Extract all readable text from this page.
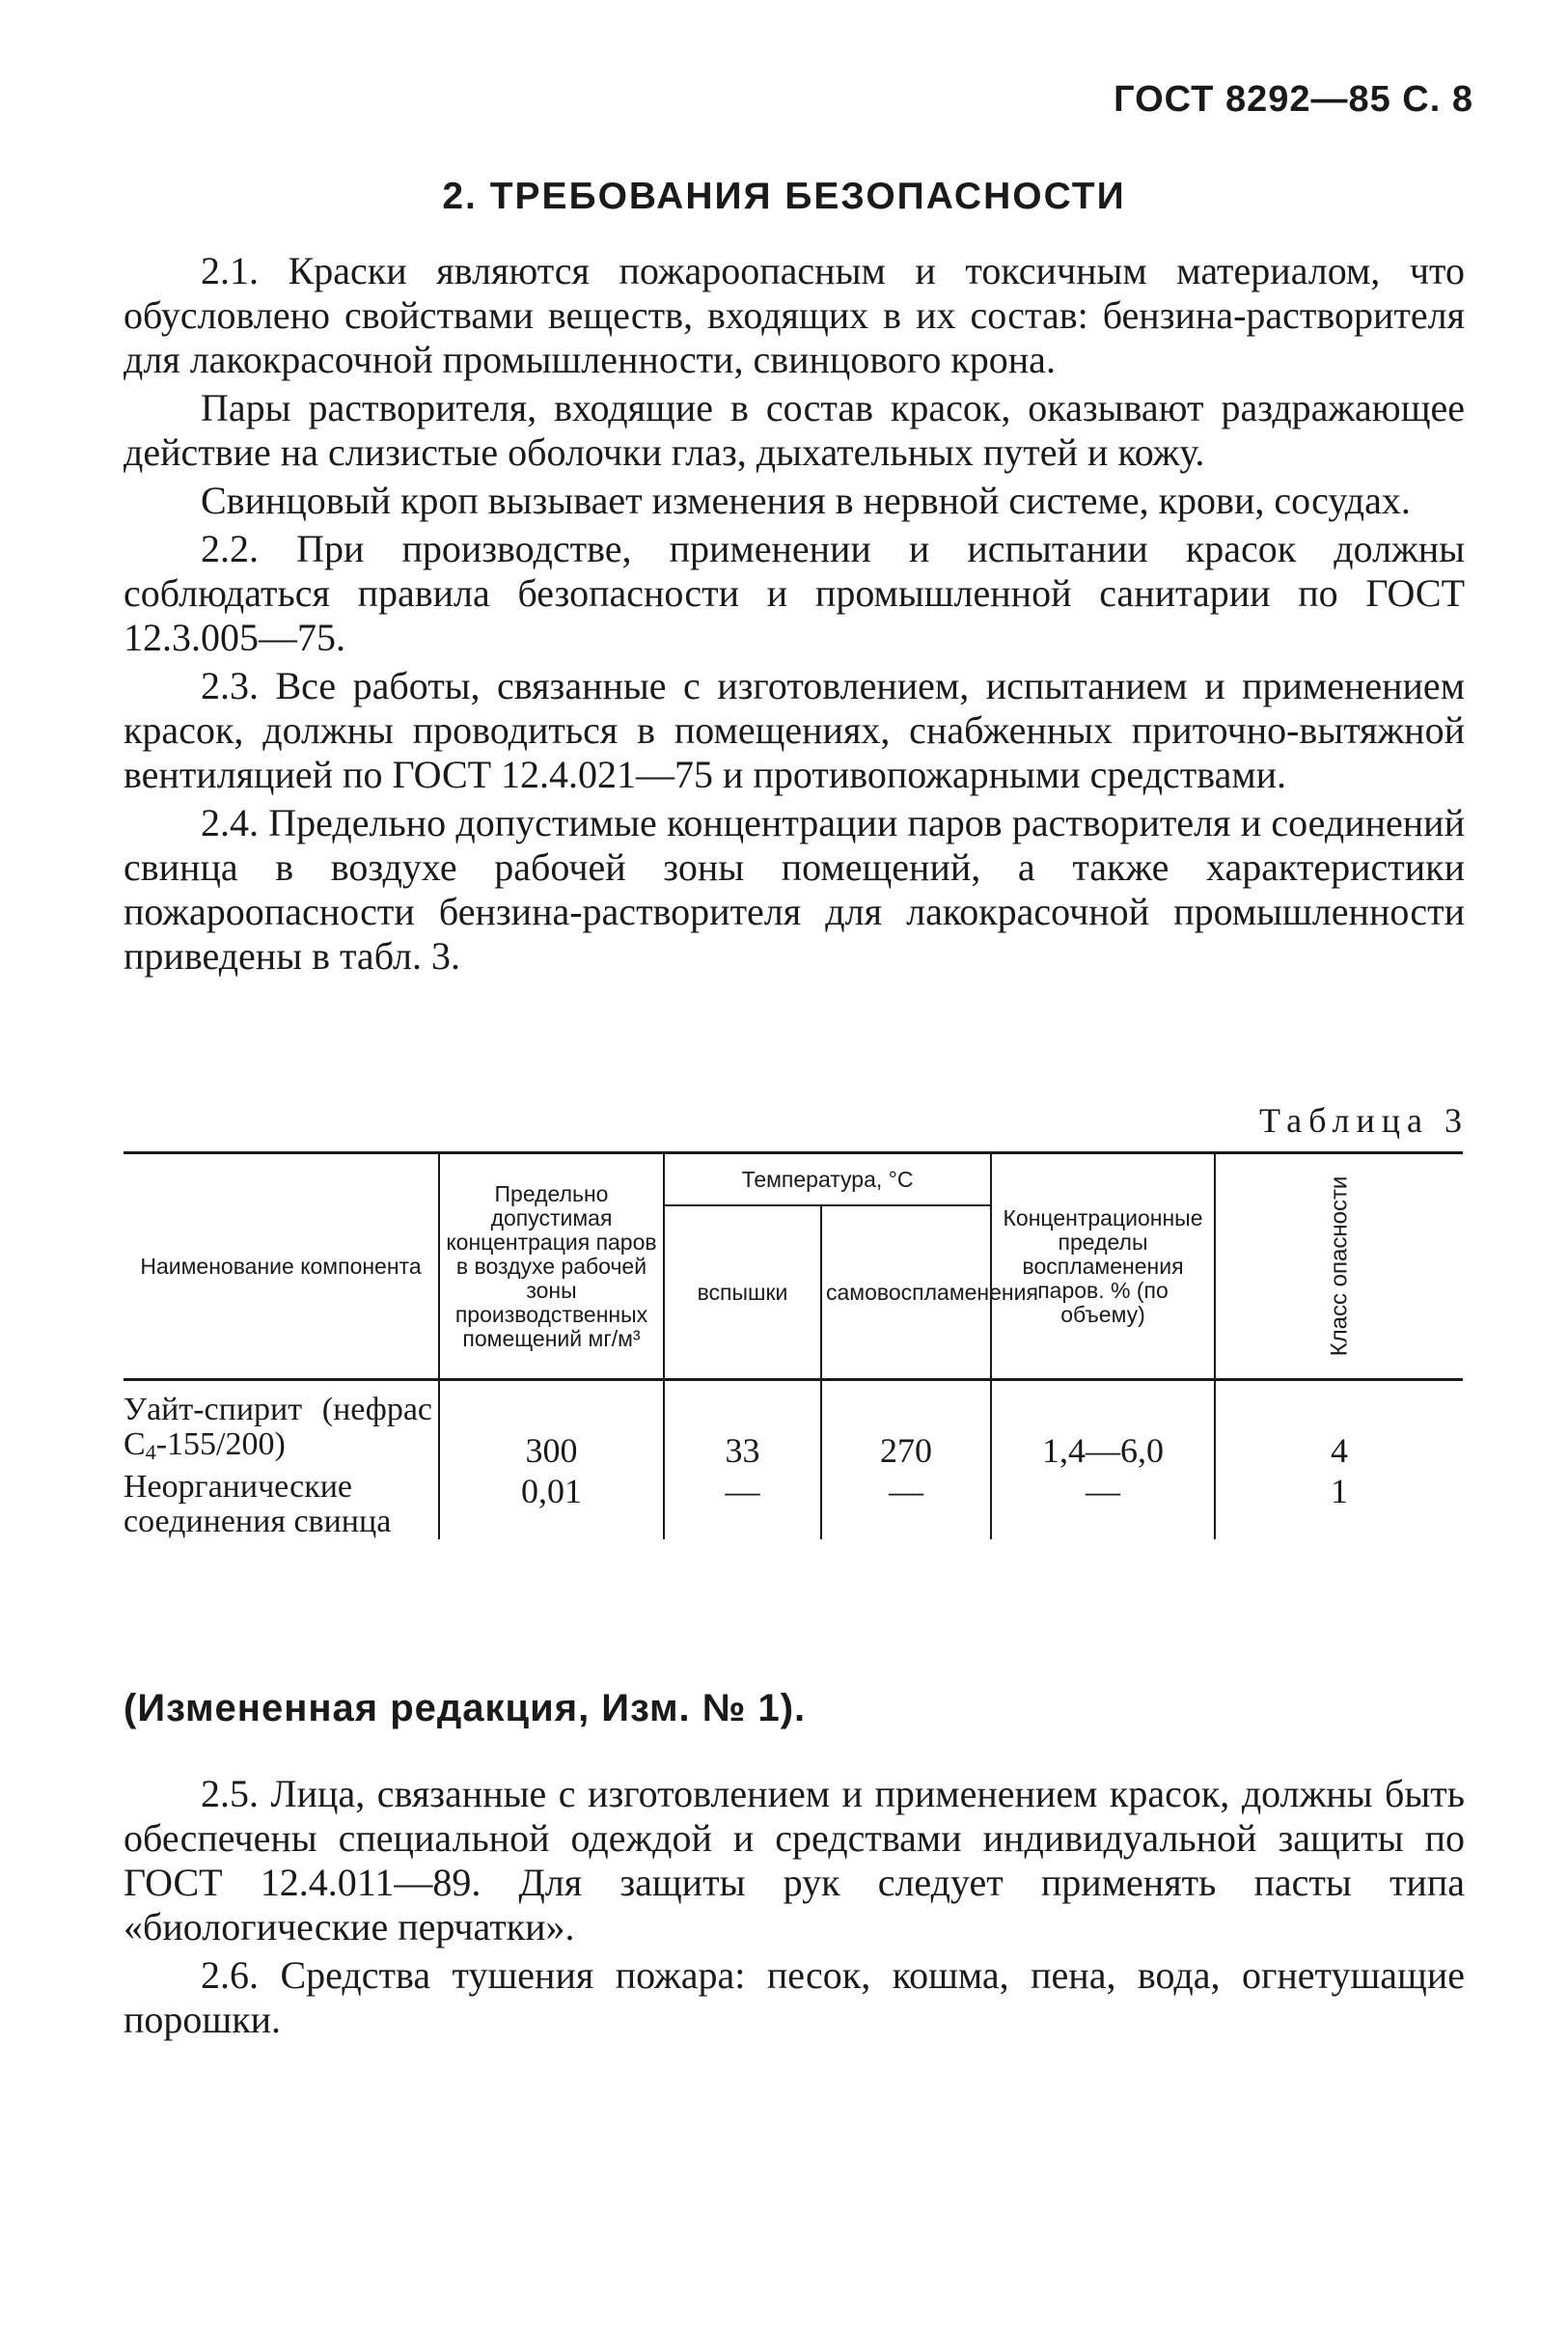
ГОСТ 8292—85 С. 8
2. ТРЕБОВАНИЯ БЕЗОПАСНОСТИ

2.1. Краски являются пожароопасным и токсичным материалом, что обусловлено свойствами веществ, входящих в их состав: бензина-растворителя для лакокрасочной промышленности, свинцового крона.

Пары растворителя, входящие в состав красок, оказывают раздражающее действие на слизистые оболочки глаз, дыхательных путей и кожу.

Свинцовый кроп вызывает изменения в нервной системе, крови, сосудах.

2.2. При производстве, применении и испытании красок должны соблюдаться правила безопасности и промышленной санитарии по ГОСТ 12.3.005—75.

2.3. Все работы, связанные с изготовлением, испытанием и применением красок, должны проводиться в помещениях, снабженных приточно-вытяжной вентиляцией по ГОСТ 12.4.021—75 и противопожарными средствами.

2.4. Предельно допустимые концентрации паров растворителя и соединений свинца в воздухе рабочей зоны помещений, а также характеристики пожароопасности бензина-растворителя для лакокрасочной промышленности приведены в табл. 3.

Таблица 3
Наименование компонента	Предельно допустимая концентрация паров в воздухе рабочей зоны производственных помещений мг/м³	Температура, °С		Концентрационные пределы воспламенения паров. % (по объему)	Класс опасности
		вспышки	самовоспламенения		

Уайт-спирит (нефрас С4-155/200)	300	33	270	1,4—6,0	4
Неорганические соединения свинца	0,01	—	—	—	1
(Измененная редакция, Изм. № 1).

2.5. Лица, связанные с изготовлением и применением красок, должны быть обеспечены специальной одеждой и средствами индивидуальной защиты по ГОСТ 12.4.011—89. Для защиты рук следует применять пасты типа «биологические перчатки».

2.6. Средства тушения пожара: песок, кошма, пена, вода, огнетушащие порошки.
